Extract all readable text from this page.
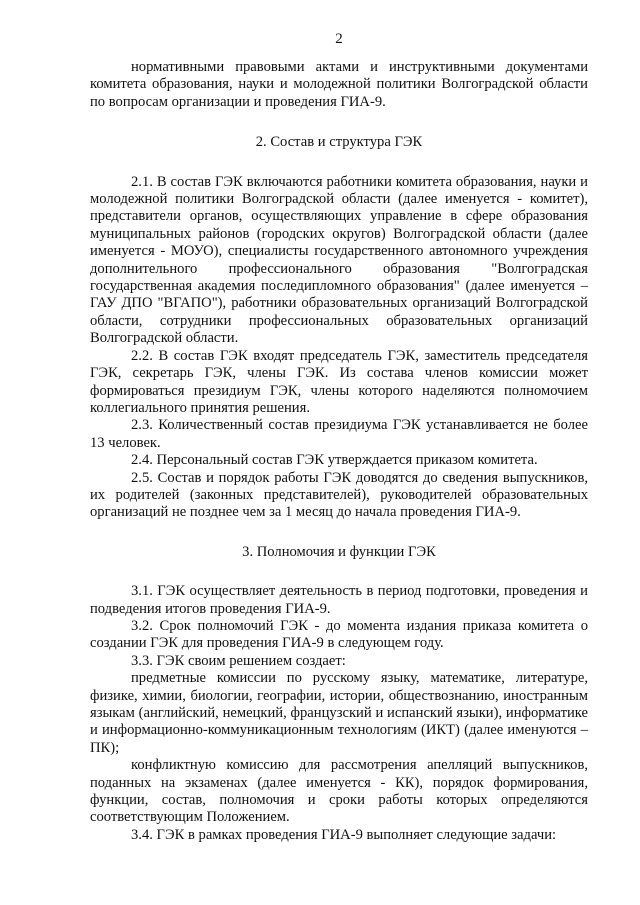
2

нормативными правовыми актами и инструктивными документами комитета образования, науки и молодежной политики Волгоградской области по вопросам организации и проведения ГИА-9.

2. Состав и структура ГЭК

2.1. В состав ГЭК включаются работники комитета образования, науки и молодежной политики Волгоградской области (далее именуется - комитет), представители органов, осуществляющих управление в сфере образования муниципальных районов (городских округов) Волгоградской области (далее именуется - МОУО), специалисты государственного автономного учреждения дополнительного профессионального образования "Волгоградская государственная академия последипломного образования" (далее именуется – ГАУ ДПО "ВГАПО"), работники образовательных организаций Волгоградской области, сотрудники профессиональных образовательных организаций Волгоградской области.

2.2. В состав ГЭК входят председатель ГЭК, заместитель председателя ГЭК, секретарь ГЭК, члены ГЭК. Из состава членов комиссии может формироваться президиум ГЭК, члены которого наделяются полномочием коллегиального принятия решения.

2.3. Количественный состав президиума ГЭК устанавливается не более 13 человек.

2.4. Персональный состав ГЭК утверждается приказом комитета.

2.5. Состав и порядок работы ГЭК доводятся до сведения выпускников, их родителей (законных представителей), руководителей образовательных организаций не позднее чем за 1 месяц до начала проведения ГИА-9.

3. Полномочия и функции ГЭК

3.1. ГЭК осуществляет деятельность в период подготовки, проведения и подведения итогов проведения ГИА-9.

3.2. Срок полномочий ГЭК - до момента издания приказа комитета о создании ГЭК для проведения ГИА-9 в следующем году.

3.3. ГЭК своим решением создает:

предметные комиссии по русскому языку, математике, литературе, физике, химии, биологии, географии, истории, обществознанию, иностранным языкам (английский, немецкий, французский и испанский языки), информатике и информационно-коммуникационным технологиям (ИКТ) (далее именуются – ПК);

конфликтную комиссию для рассмотрения апелляций выпускников, поданных на экзаменах (далее именуется - КК), порядок формирования, функции, состав, полномочия и сроки работы которых определяются соответствующим Положением.

3.4. ГЭК в рамках проведения ГИА-9 выполняет следующие задачи:
